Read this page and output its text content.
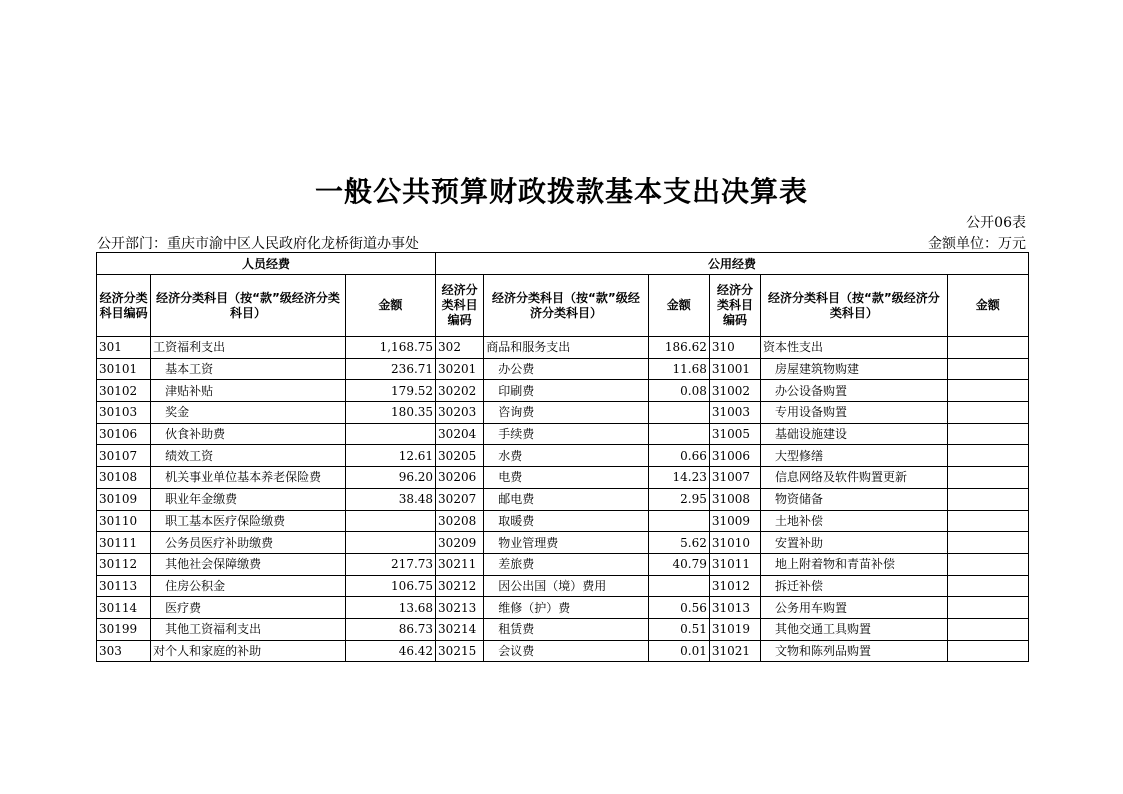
一般公共预算财政拨款基本支出决算表
公开06表
公开部门：重庆市渝中区人民政府化龙桥街道办事处	金额单位：万元
人员经费			公用经费					
经济分类科目编码	经济分类科目（按“款”级经济分类科目）	金额	经济分类科目编码	经济分类科目（按“款”级经济分类科目）	金额	经济分类科目编码	经济分类科目（按“款”级经济分类科目）	金额
301	工资福利支出	1,168.75	302	商品和服务支出	186.62	310	资本性支出	
30101	基本工资	236.71	30201	办公费	11.68	31001	房屋建筑物购建	
30102	津贴补贴	179.52	30202	印刷费	0.08	31002	办公设备购置	
30103	奖金	180.35	30203	咨询费		31003	专用设备购置	
30106	伙食补助费		30204	手续费		31005	基础设施建设	
30107	绩效工资	12.61	30205	水费	0.66	31006	大型修缮	
30108	机关事业单位基本养老保险费	96.20	30206	电费	14.23	31007	信息网络及软件购置更新	
30109	职业年金缴费	38.48	30207	邮电费	2.95	31008	物资储备	
30110	职工基本医疗保险缴费		30208	取暖费		31009	土地补偿	
30111	公务员医疗补助缴费		30209	物业管理费	5.62	31010	安置补助	
30112	其他社会保障缴费	217.73	30211	差旅费	40.79	31011	地上附着物和青苗补偿	
30113	住房公积金	106.75	30212	因公出国（境）费用		31012	拆迁补偿	
30114	医疗费	13.68	30213	维修（护）费	0.56	31013	公务用车购置	
30199	其他工资福利支出	86.73	30214	租赁费	0.51	31019	其他交通工具购置	
303	对个人和家庭的补助	46.42	30215	会议费	0.01	31021	文物和陈列品购置	
